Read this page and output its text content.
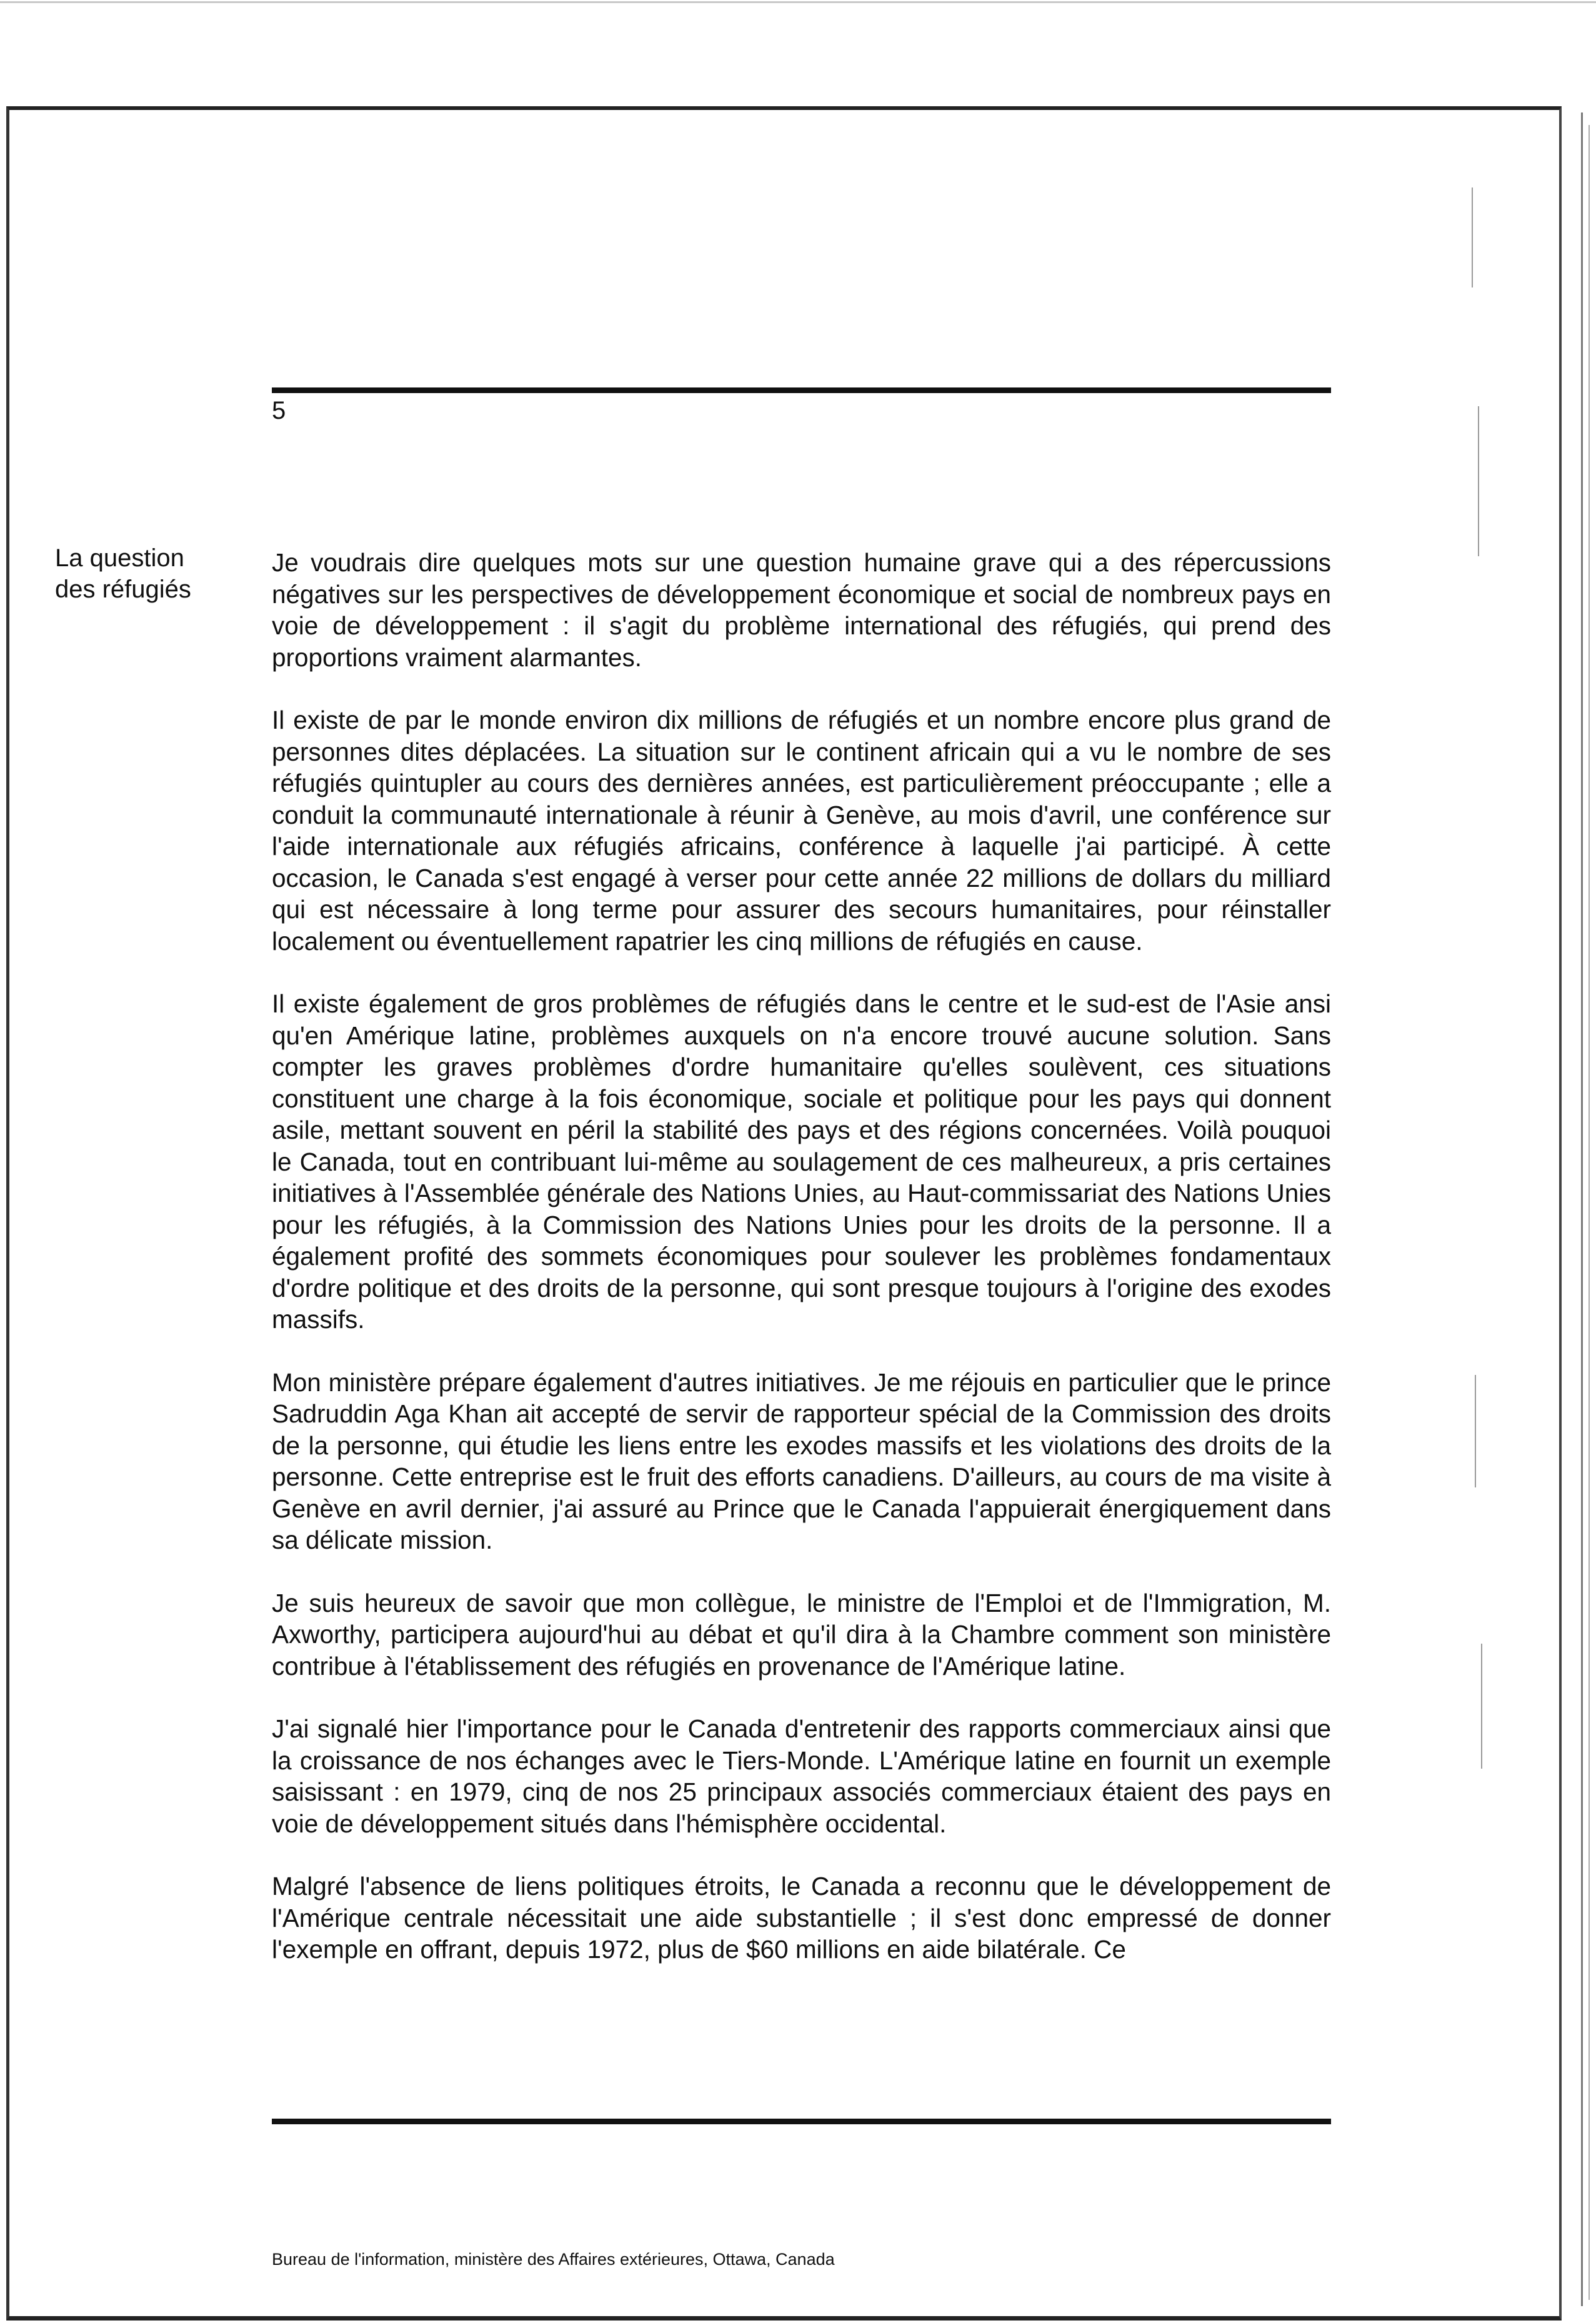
5
La question
des réfugiés

Je voudrais dire quelques mots sur une question humaine grave qui a des répercussions négatives sur les perspectives de développement économique et social de nombreux pays en voie de développement : il s'agit du problème international des réfugiés, qui prend des proportions vraiment alarmantes.

Il existe de par le monde environ dix millions de réfugiés et un nombre encore plus grand de personnes dites déplacées. La situation sur le continent africain qui a vu le nombre de ses réfugiés quintupler au cours des dernières années, est particulièrement préoccupante ; elle a conduit la communauté internationale à réunir à Genève, au mois d'avril, une conférence sur l'aide internationale aux réfugiés africains, conférence à laquelle j'ai participé. À cette occasion, le Canada s'est engagé à verser pour cette année 22 millions de dollars du milliard qui est nécessaire à long terme pour assurer des secours humanitaires, pour réinstaller localement ou éventuellement rapatrier les cinq millions de réfugiés en cause.

Il existe également de gros problèmes de réfugiés dans le centre et le sud-est de l'Asie ansi qu'en Amérique latine, problèmes auxquels on n'a encore trouvé aucune solution. Sans compter les graves problèmes d'ordre humanitaire qu'elles soulèvent, ces situations constituent une charge à la fois économique, sociale et politique pour les pays qui donnent asile, mettant souvent en péril la stabilité des pays et des régions concernées. Voilà pouquoi le Canada, tout en contribuant lui-même au soulagement de ces malheureux, a pris certaines initiatives à l'Assemblée générale des Nations Unies, au Haut-commissariat des Nations Unies pour les réfugiés, à la Commission des Nations Unies pour les droits de la personne. Il a également profité des sommets économiques pour soulever les problèmes fondamentaux d'ordre politique et des droits de la personne, qui sont presque toujours à l'origine des exodes massifs.

Mon ministère prépare également d'autres initiatives. Je me réjouis en particulier que le prince Sadruddin Aga Khan ait accepté de servir de rapporteur spécial de la Commission des droits de la personne, qui étudie les liens entre les exodes massifs et les violations des droits de la personne. Cette entreprise est le fruit des efforts canadiens. D'ailleurs, au cours de ma visite à Genève en avril dernier, j'ai assuré au Prince que le Canada l'appuierait énergiquement dans sa délicate mission.

Je suis heureux de savoir que mon collègue, le ministre de l'Emploi et de l'Immigration, M. Axworthy, participera aujourd'hui au débat et qu'il dira à la Chambre comment son ministère contribue à l'établissement des réfugiés en provenance de l'Amérique latine.

J'ai signalé hier l'importance pour le Canada d'entretenir des rapports commerciaux ainsi que la croissance de nos échanges avec le Tiers-Monde. L'Amérique latine en fournit un exemple saisissant : en 1979, cinq de nos 25 principaux associés commerciaux étaient des pays en voie de développement situés dans l'hémisphère occidental.

Malgré l'absence de liens politiques étroits, le Canada a reconnu que le développement de l'Amérique centrale nécessitait une aide substantielle ; il s'est donc empressé de donner l'exemple en offrant, depuis 1972, plus de $60 millions en aide bilatérale. Ce

Bureau de l'information, ministère des Affaires extérieures, Ottawa, Canada
